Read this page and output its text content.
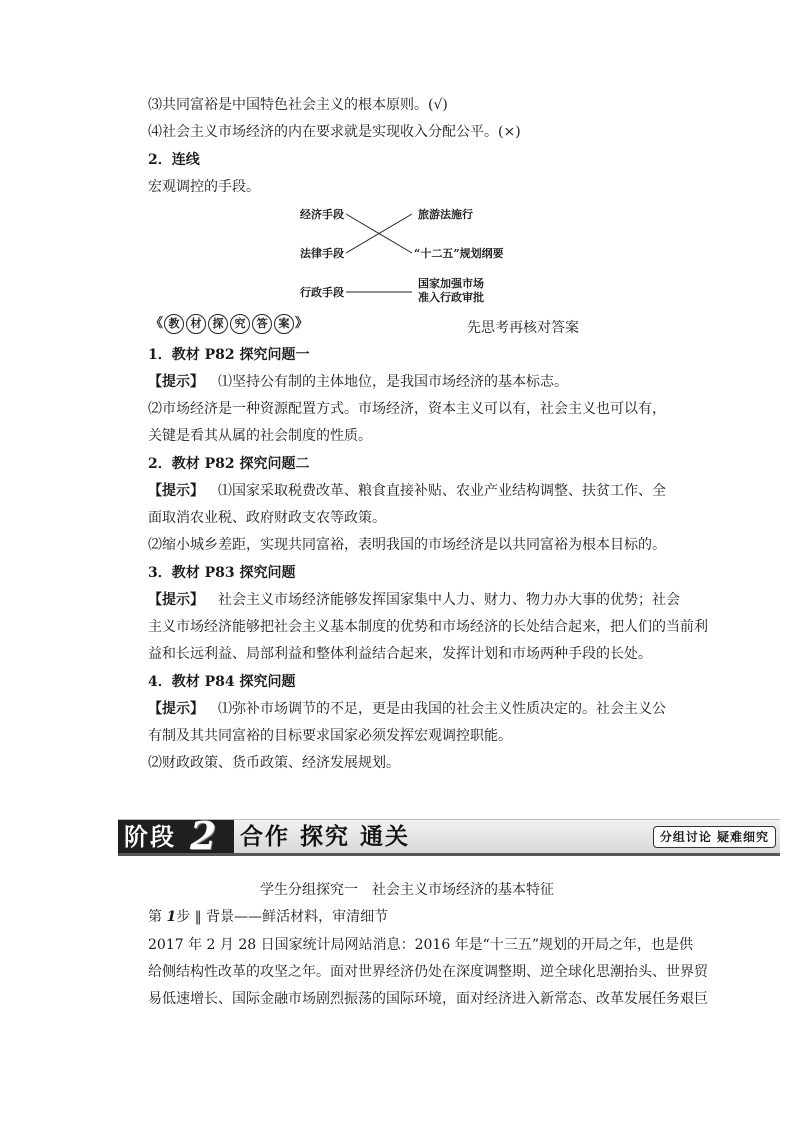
⑶共同富裕是中国特色社会主义的根本原则。(√)
⑷社会主义市场经济的内在要求就是实现收入分配公平。(×)
2．连线
宏观调控的手段。
经济手段
法律手段
行政手段
旅游法施行
“十二五”规划纲要
国家加强市场
准入行政审批
《 教 材 探 究 答 案 》	先思考再核对答案
1．教材 P82 探究问题一
【提示】 ⑴坚持公有制的主体地位，是我国市场经济的基本标志。
⑵市场经济是一种资源配置方式。市场经济，资本主义可以有，社会主义也可以有，
关键是看其从属的社会制度的性质。
2．教材 P82 探究问题二
【提示】 ⑴国家采取税费改革、粮食直接补贴、农业产业结构调整、扶贫工作、全
面取消农业税、政府财政支农等政策。
⑵缩小城乡差距，实现共同富裕，表明我国的市场经济是以共同富裕为根本目标的。
3．教材 P83 探究问题
【提示】 社会主义市场经济能够发挥国家集中人力、财力、物力办大事的优势；社会
主义市场经济能够把社会主义基本制度的优势和市场经济的长处结合起来，把人们的当前利
益和长远利益、局部利益和整体利益结合起来，发挥计划和市场两种手段的长处。
4．教材 P84 探究问题
【提示】 ⑴弥补市场调节的不足，更是由我国的社会主义性质决定的。社会主义公
有制及其共同富裕的目标要求国家必须发挥宏观调控职能。
⑵财政政策、货币政策、经济发展规划。
阶段 2 合作 探究 通关	分组讨论 疑难细究
学生分组探究一　社会主义市场经济的基本特征
第 1步 ‖ 背景——鲜活材料，审清细节
2017 年 2 月 28 日国家统计局网站消息：2016 年是“十三五”规划的开局之年，也是供
给侧结构性改革的攻坚之年。面对世界经济仍处在深度调整期、逆全球化思潮抬头、世界贸
易低速增长、国际金融市场剧烈振荡的国际环境，面对经济进入新常态、改革发展任务艰巨
